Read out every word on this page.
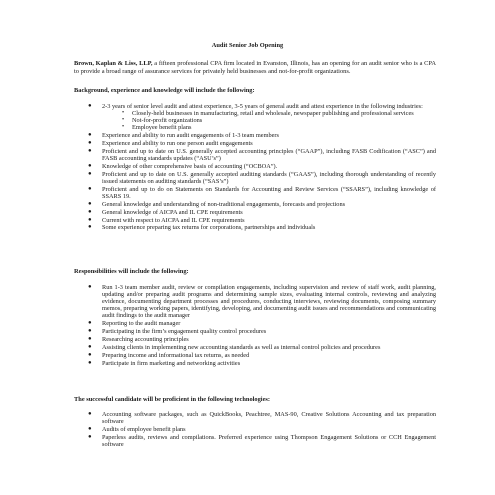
Audit Senior Job Opening
Brown, Kaplan & Liss, LLP, a fifteen professional CPA firm located in Evanston, Illinois, has an opening for an audit senior who is a CPA to provide a broad range of assurance services for privately held businesses and not-for-profit organizations.
Background, experience and knowledge will include the following:
● 2-3 years of senior level audit and attest experience, 3-5 years of general audit and attest experience in the following industries:
• Closely-held businesses in manufacturing, retail and wholesale, newspaper publishing and professional services
• Not-for-profit organizations
• Employee benefit plans
● Experience and ability to run audit engagements of 1-3 team members
● Experience and ability to run one person audit engagements
● Proficient and up to date on U.S. generally accepted accounting principles (“GAAP”), including FASB Codification (“ASC”) and FASB accounting standards updates (“ASU’s”)
● Knowledge of other comprehensive basis of accounting (“OCBOA”).
● Proficient and up to date on U.S. generally accepted auditing standards (“GAAS”), including thorough understanding of recently issued statements on auditing standards (“SAS’s”)
● Proficient and up to do on Statements on Standards for Accounting and Review Services (“SSARS”), including knowledge of SSARS 19.
● General knowledge and understanding of non-traditional engagements, forecasts and projections
● General knowledge of AICPA and IL CPE requirements
● Current with respect to AICPA and IL CPE requirements
● Some experience preparing tax returns for corporations, partnerships and individuals
Responsibilities will include the following:
● Run 1-3 team member audit, review or compilation engagements, including supervision and review of staff work, audit planning, updating and/or preparing audit programs and determining sample sizes, evaluating internal controls, reviewing and analyzing evidence, documenting department processes and procedures, conducting interviews, reviewing documents, composing summary memos, preparing working papers, identifying, developing, and documenting audit issues and recommendations and communicating audit findings to the audit manager
● Reporting to the audit manager
● Participating in the firm’s engagement quality control procedures
● Researching accounting principles
● Assisting clients in implementing new accounting standards as well as internal control policies and procedures
● Preparing income and informational tax returns, as needed
● Participate in firm marketing and networking activities
The successful candidate will be proficient in the following technologies:
● Accounting software packages, such as QuickBooks, Peachtree, MAS-90, Creative Solutions Accounting and tax preparation software
● Audits of employee benefit plans
● Paperless audits, reviews and compilations. Preferred experience using Thompson Engagement Solutions or CCH Engagement software
